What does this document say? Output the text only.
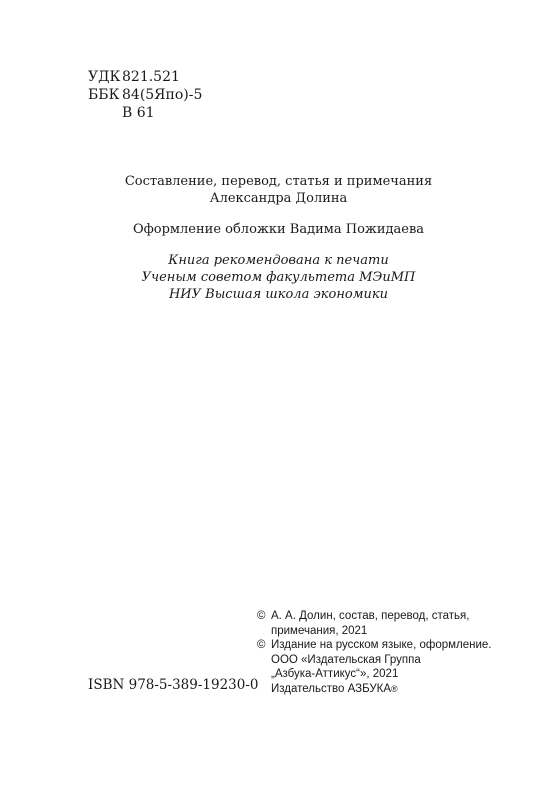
УДК 821.521
ББК 84(5Япо)-5
В 61
Составление, перевод, статья и примечания
Александра Долина
Оформление обложки Вадима Пожидаева
Книга рекомендована к печати
Ученым советом факультета МЭиМП
НИУ Высшая школа экономики
© А. А. Долин, состав, перевод, статья,
примечания, 2021
© Издание на русском языке, оформление.
ООО «Издательская Группа
„Азбука-Аттикус“», 2021
Издательство АЗБУКА®
ISBN 978-5-389-19230-0
